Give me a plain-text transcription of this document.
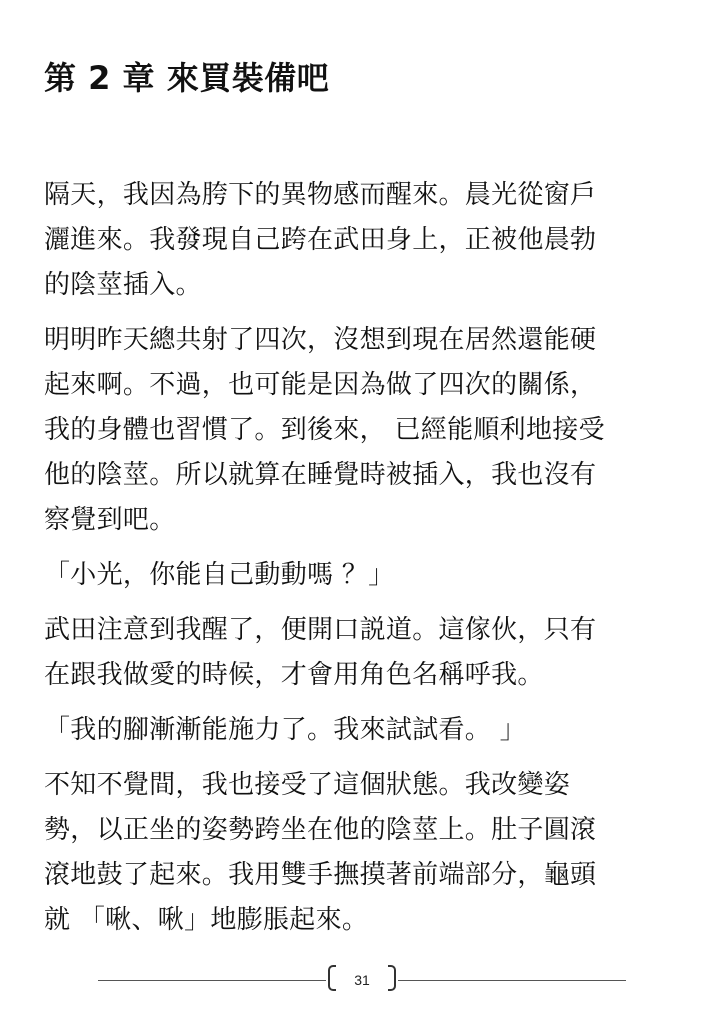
第 2 章 來買裝備吧

隔天，我因為胯下的異物感而醒來。晨光從窗戶
灑進來。我發現自己跨在武田身上，正被他晨勃
的陰莖插入。

明明昨天總共射了四次，沒想到現在居然還能硬
起來啊。不過，也可能是因為做了四次的關係，
我的身體也習慣了。到後來， 已經能順利地接受
他的陰莖。所以就算在睡覺時被插入，我也沒有
察覺到吧。

「小光，你能自己動動嗎 ？」

武田注意到我醒了，便開口説道。這傢伙，只有
在跟我做愛的時候，才會用角色名稱呼我。

「我的腳漸漸能施力了。我來試試看。 」

不知不覺間，我也接受了這個狀態。我改變姿
勢，以正坐的姿勢跨坐在他的陰莖上。肚子圓滾
滾地鼓了起來。我用雙手撫摸著前端部分，龜頭
就 「啾、啾」地膨脹起來。

31
